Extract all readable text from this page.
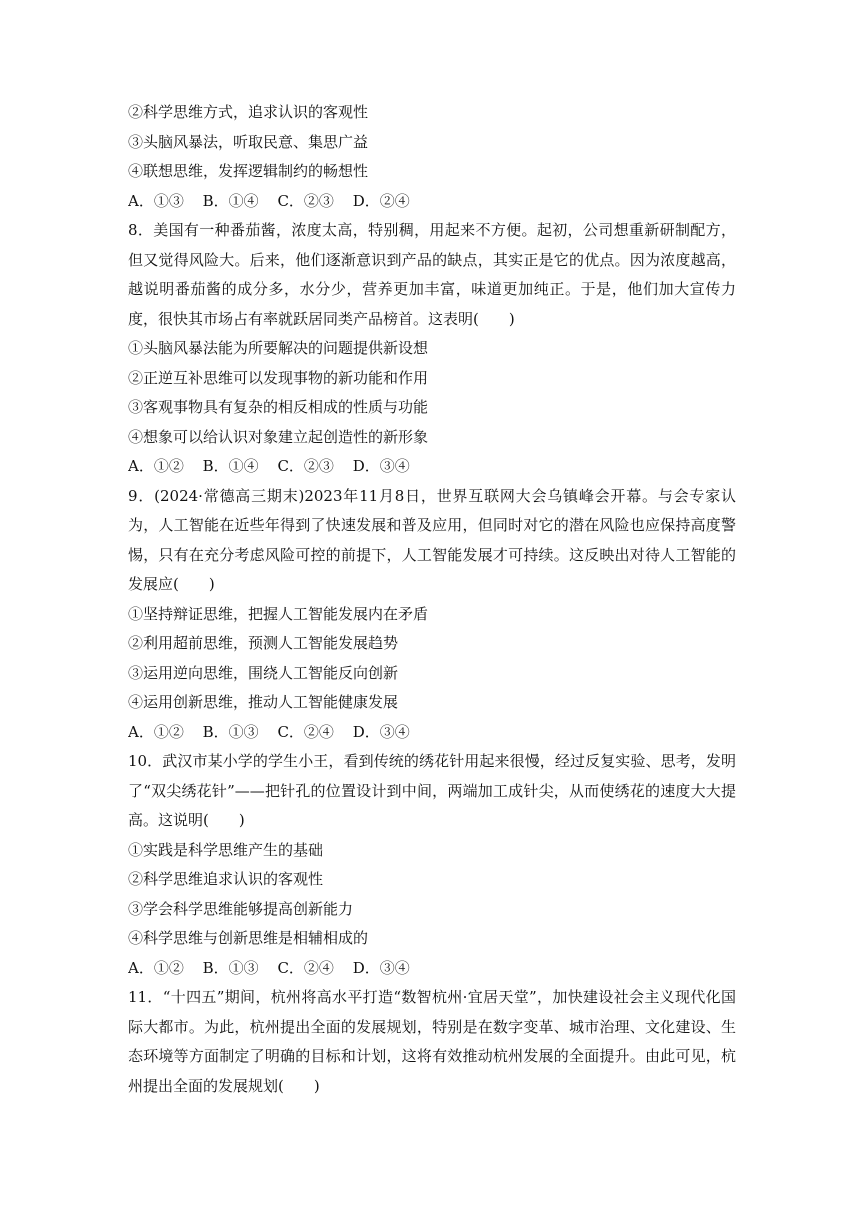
②科学思维方式，追求认识的客观性
③头脑风暴法，听取民意、集思广益
④联想思维，发挥逻辑制约的畅想性
A．①③ B．①④ C．②③ D．②④
8．美国有一种番茄酱，浓度太高，特别稠，用起来不方便。起初，公司想重新研制配方，但又觉得风险大。后来，他们逐渐意识到产品的缺点，其实正是它的优点。因为浓度越高，越说明番茄酱的成分多，水分少，营养更加丰富，味道更加纯正。于是，他们加大宣传力度，很快其市场占有率就跃居同类产品榜首。这表明(　　)
①头脑风暴法能为所要解决的问题提供新设想
②正逆互补思维可以发现事物的新功能和作用
③客观事物具有复杂的相反相成的性质与功能
④想象可以给认识对象建立起创造性的新形象
A．①② B．①④ C．②③ D．③④
9．(2024·常德高三期末)2023年11月8日，世界互联网大会乌镇峰会开幕。与会专家认为，人工智能在近些年得到了快速发展和普及应用，但同时对它的潜在风险也应保持高度警惕，只有在充分考虑风险可控的前提下，人工智能发展才可持续。这反映出对待人工智能的发展应(　　)
①坚持辩证思维，把握人工智能发展内在矛盾
②利用超前思维，预测人工智能发展趋势
③运用逆向思维，围绕人工智能反向创新
④运用创新思维，推动人工智能健康发展
A．①② B．①③ C．②④ D．③④
10．武汉市某小学的学生小王，看到传统的绣花针用起来很慢，经过反复实验、思考，发明了“双尖绣花针”——把针孔的位置设计到中间，两端加工成针尖，从而使绣花的速度大大提高。这说明(　　)
①实践是科学思维产生的基础
②科学思维追求认识的客观性
③学会科学思维能够提高创新能力
④科学思维与创新思维是相辅相成的
A．①② B．①③ C．②④ D．③④
11．“十四五”期间，杭州将高水平打造“数智杭州·宜居天堂”，加快建设社会主义现代化国际大都市。为此，杭州提出全面的发展规划，特别是在数字变革、城市治理、文化建设、生态环境等方面制定了明确的目标和计划，这将有效推动杭州发展的全面提升。由此可见，杭州提出全面的发展规划(　　)
